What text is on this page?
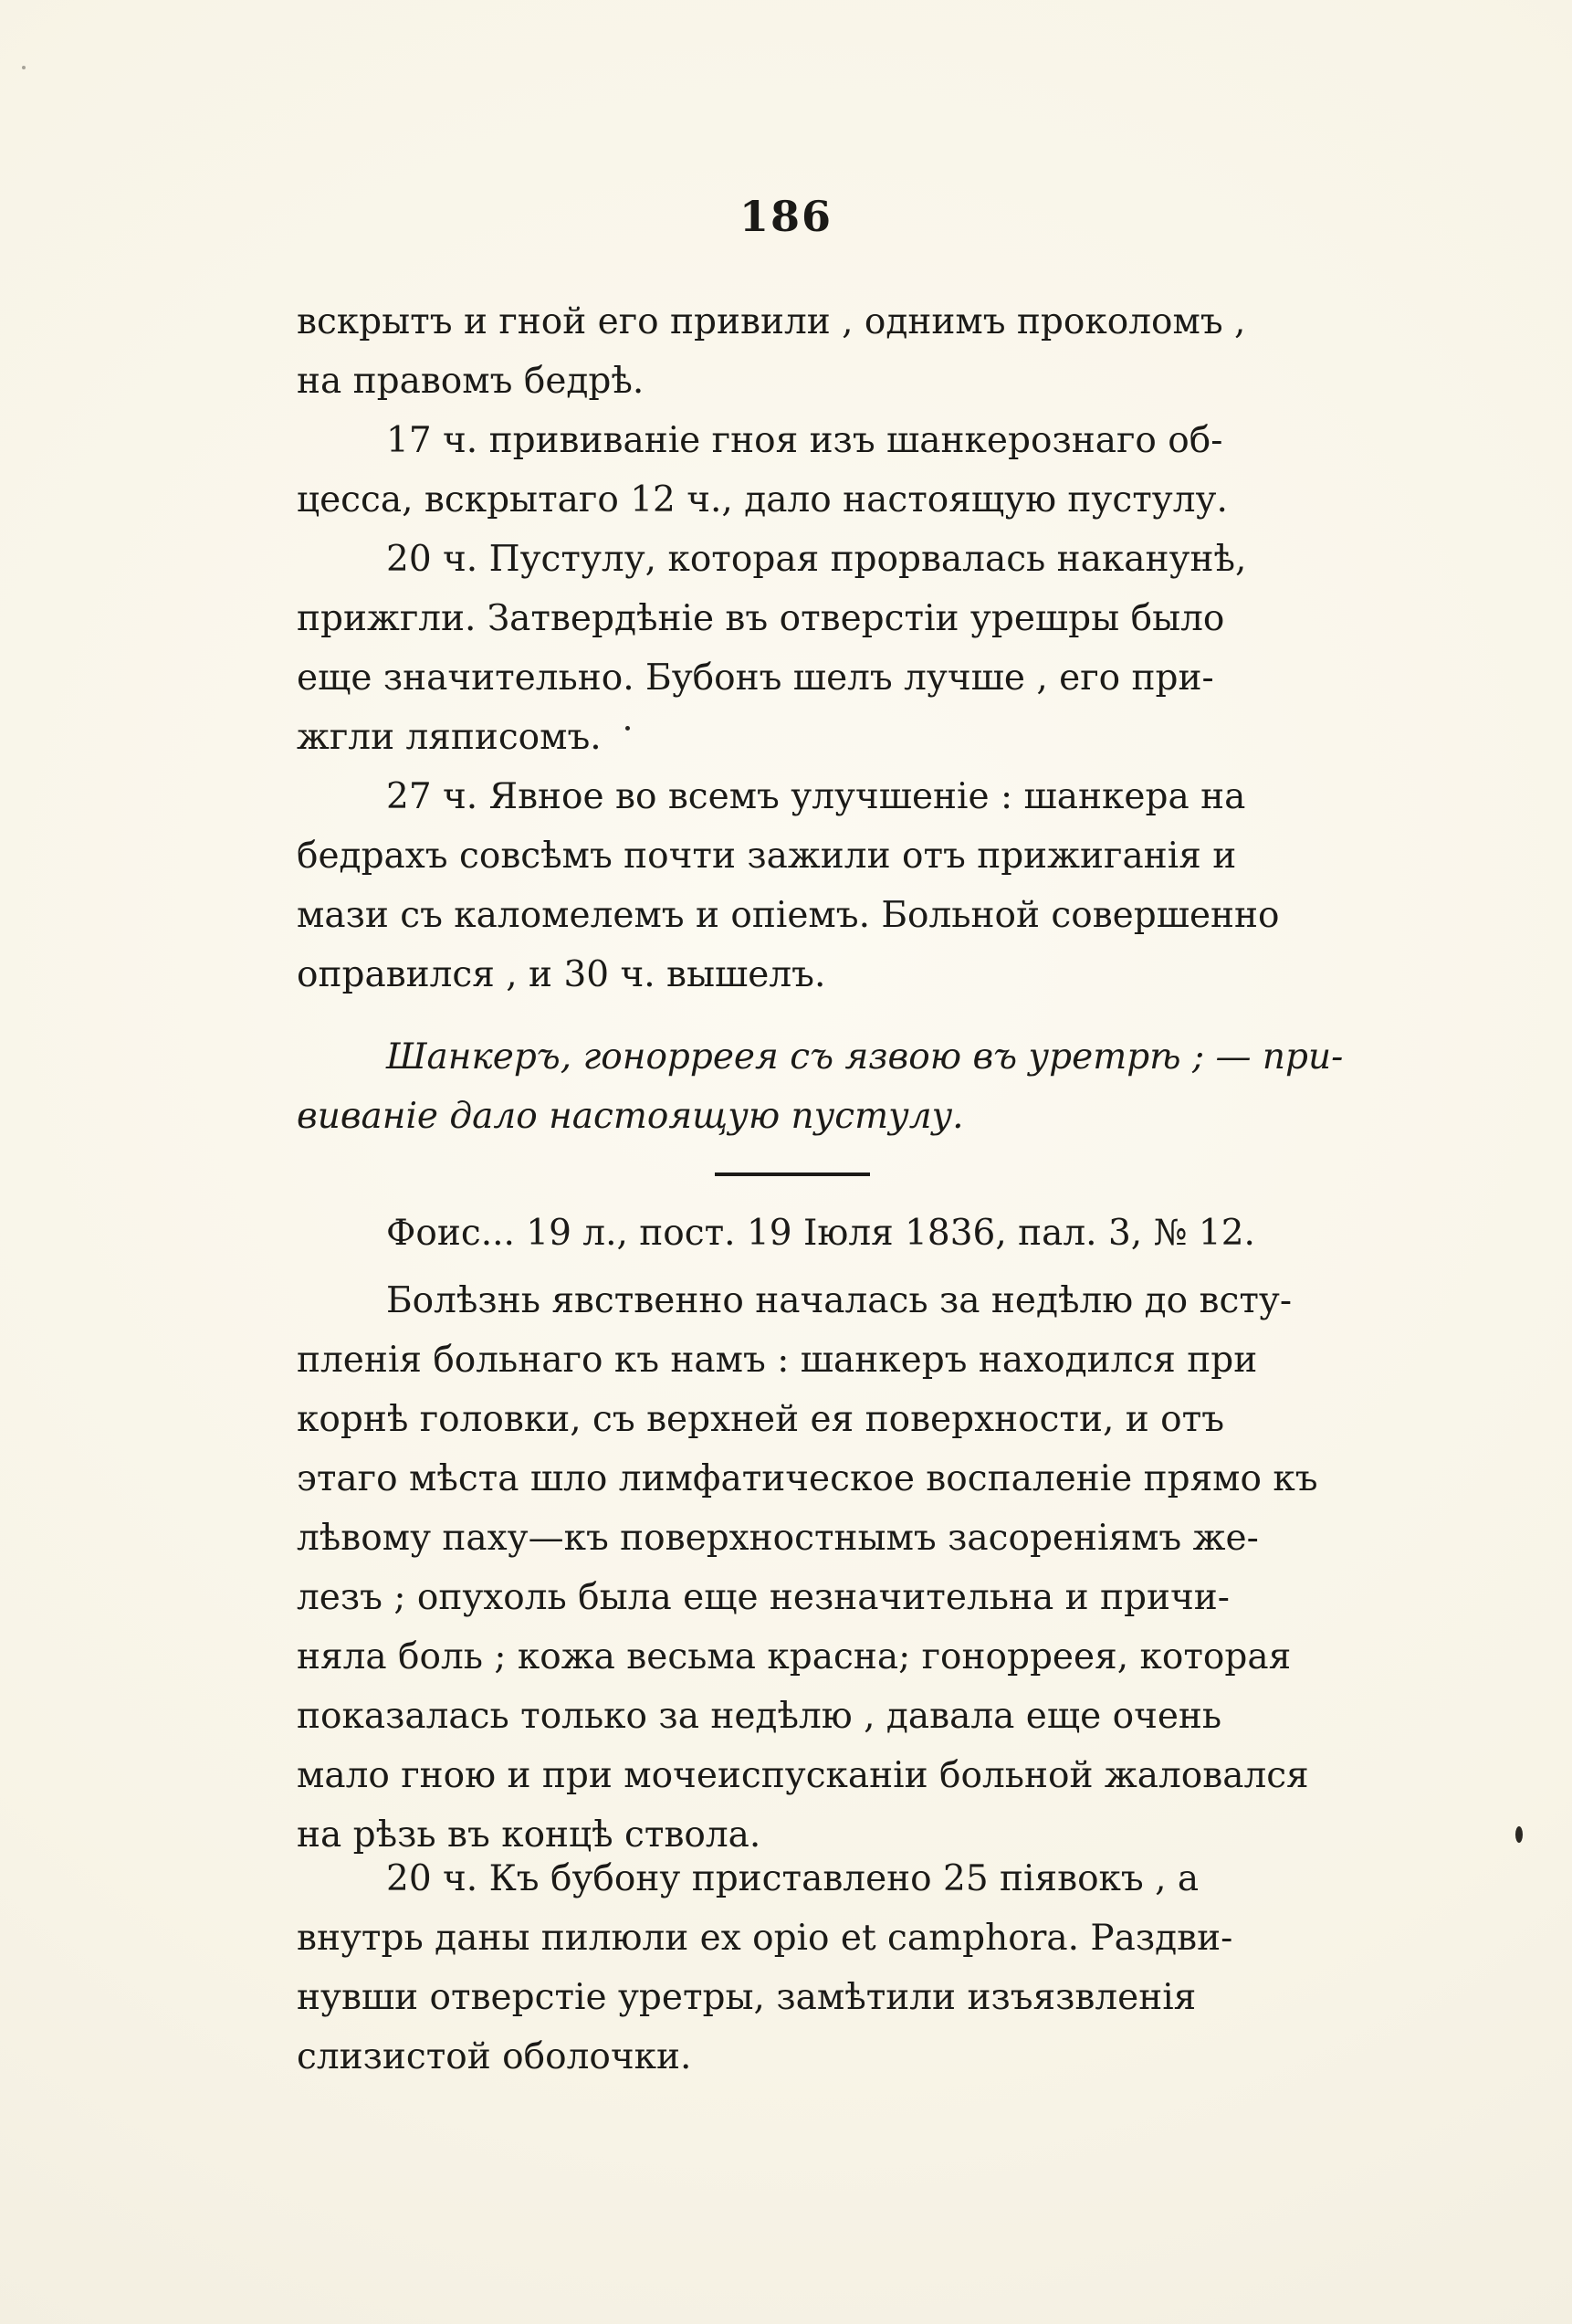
186
вскрытъ и гной его привили , однимъ прокoломъ ,
на правомъ бедрѣ.
17 ч. прививаніе гноя изъ шанкерознаго об-
цесса, вскрытаго 12 ч., дало настоящую пустулу.
20 ч. Пустулу, которая прорвалась наканунѣ,
прижгли. Затвердѣніе въ отверстіи урешры было
еще значительно. Бубонъ шелъ лучше , его при-
жгли ляписомъ.
27 ч. Явное во всемъ улучшеніе : шанкера на
бедрахъ совсѣмъ почти зажили отъ прижиганія и
мази съ каломелемъ и опіемъ. Больной совершенно
оправился , и 30 ч. вышелъ.
Шанкеръ, гонорреея съ язвою въ уретрѣ ; — при-
виваніе дало настоящую пустулу.
Фоис... 19 л., пост. 19 Іюля 1836, пал. 3, № 12.
Болѣзнь явственно началась за недѣлю до всту-
пленія больнаго къ намъ : шанкеръ находился при
корнѣ головки, съ верхней ея поверхности, и отъ
этаго мѣста шло лимфатическое воспаленіе прямо къ
лѣвому паху—къ поверхностнымъ засореніямъ же-
лезъ ; опухоль была еще незначительна и причи-
няла боль ; кожа весьма красна; гонорреея, которая
показалась только за недѣлю , давала еще очень
мало гною и при мочеиспусканіи больной жаловался
на рѣзь въ концѣ ствола.
20 ч. Къ бубону приставлено 25 піявокъ , а
внутрь даны пилюли ex opio et camphora. Раздви-
нувши отверстіе уретры, замѣтили изъязвленія
слизистой оболочки.
